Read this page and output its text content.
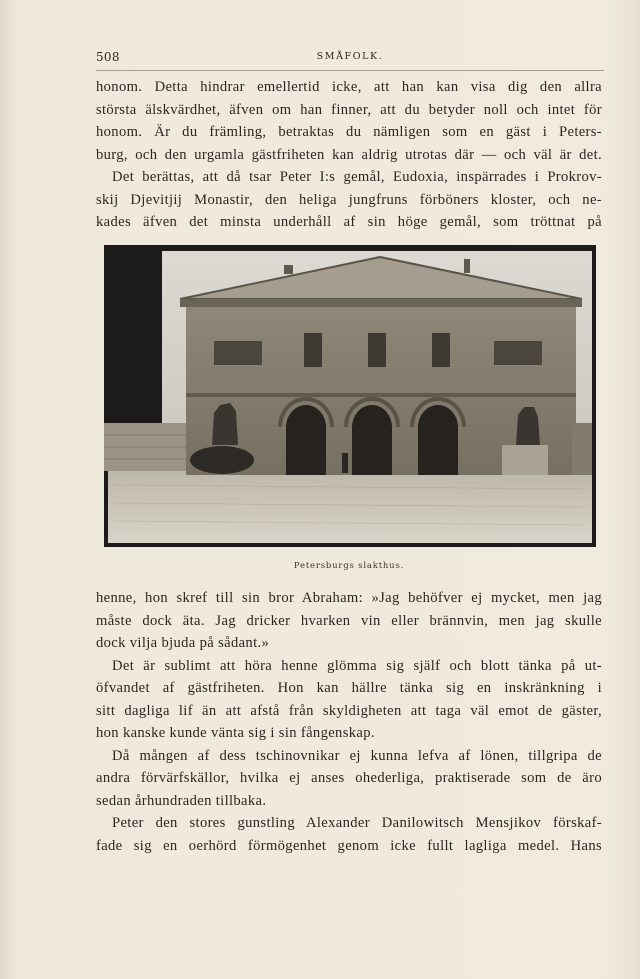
508	SMÅFOLK.
honom. Detta hindrar emellertid icke, att han kan visa dig den allra
största älskvärdhet, äfven om han finner, att du betyder noll och intet för
honom. Är du främling, betraktas du nämligen som en gäst i Peters-
burg, och den urgamla gästfriheten kan aldrig utrotas där — och väl är det.
Det berättas, att då tsar Peter I:s gemål, Eudoxia, inspärrades i Prokrov-
skij Djevitjij Monastir, den heliga jungfruns förböners kloster, och ne-
kades äfven det minsta underhåll af sin höge gemål, som tröttnat på
Petersburgs slakthus.
henne, hon skref till sin bror Abraham: »Jag behöfver ej mycket, men jag
måste dock äta. Jag dricker hvarken vin eller brännvin, men jag skulle
dock vilja bjuda på sådant.»
Det är sublimt att höra henne glömma sig själf och blott tänka på ut-
öfvandet af gästfriheten. Hon kan hällre tänka sig en inskränkning i
sitt dagliga lif än att afstå från skyldigheten att taga väl emot de gäster,
hon kanske kunde vänta sig i sin fångenskap.
Då mången af dess tschinovnikar ej kunna lefva af lönen, tillgripa de
andra förvärfskällor, hvilka ej anses ohederliga, praktiserade som de äro
sedan århundraden tillbaka.
Peter den stores gunstling Alexander Danilowitsch Mensjikov förskaf-
fade sig en oerhörd förmögenhet genom icke fullt lagliga medel. Hans
